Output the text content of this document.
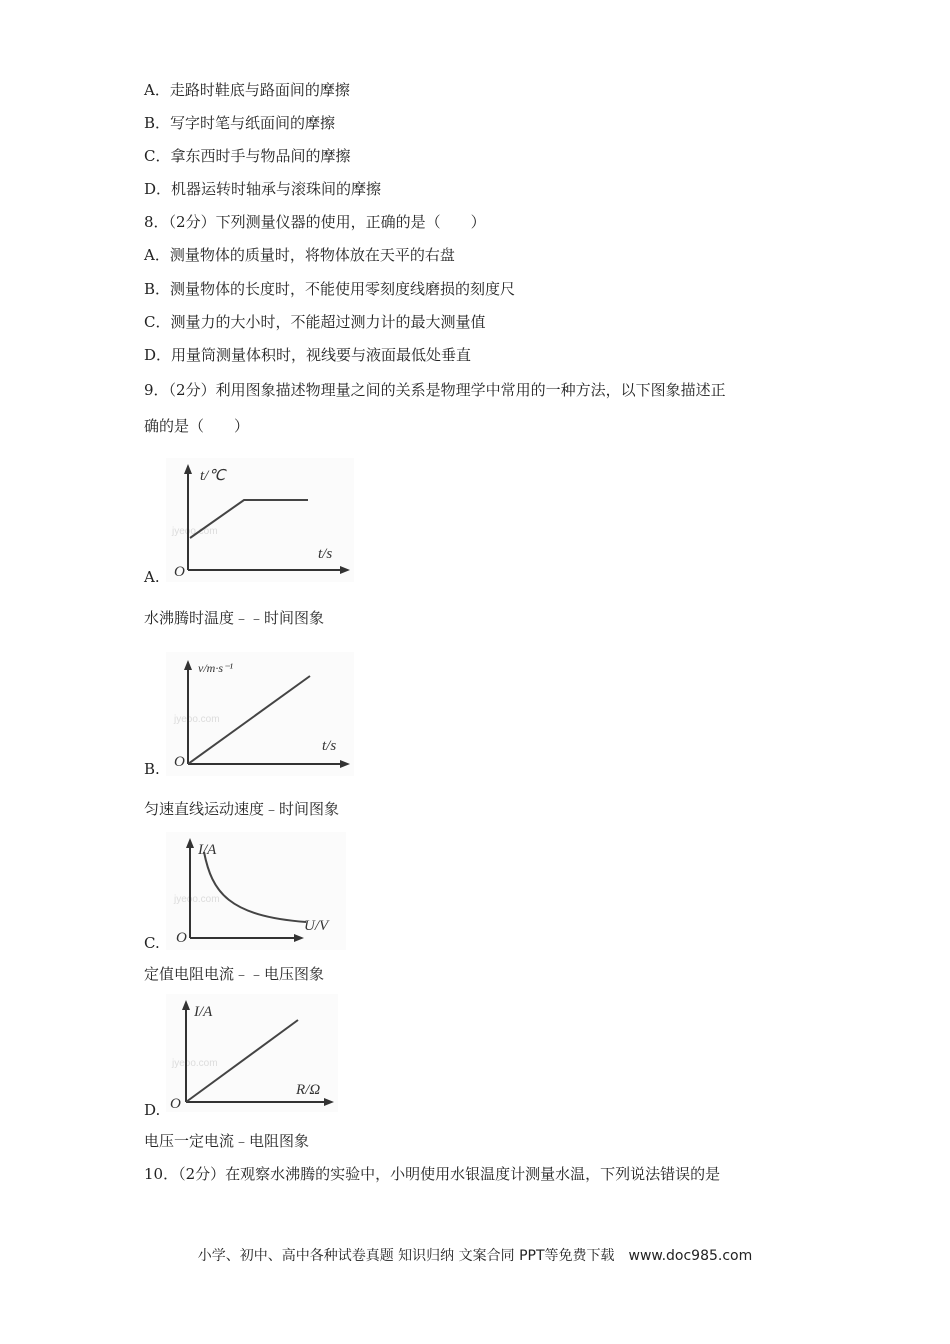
A．走路时鞋底与路面间的摩擦
B．写字时笔与纸面间的摩擦
C．拿东西时手与物品间的摩擦
D．机器运转时轴承与滚珠间的摩擦
8．（2分）下列测量仪器的使用，正确的是（　　）
A．测量物体的质量时，将物体放在天平的右盘
B．测量物体的长度时，不能使用零刻度线磨损的刻度尺
C．测量力的大小时，不能超过测力计的最大测量值
D．用量筒测量体积时，视线要与液面最低处垂直
9．（2分）利用图象描述物理量之间的关系是物理学中常用的一种方法，以下图象描述正
确的是（　　）
jyeoo.com
t/℃
t/s
O
A.
水沸腾时温度﹣﹣时间图象
jyeoo.com
v/m·s⁻¹
t/s
O
B.
匀速直线运动速度﹣时间图象
jyeoo.com
I/A
U/V
O
C.
定值电阻电流﹣﹣电压图象
jyeoo.com
I/A
R/Ω
O
D.
电压一定电流﹣电阻图象
10．（2分）在观察水沸腾的实验中，小明使用水银温度计测量水温，下列说法错误的是
小学、初中、高中各种试卷真题 知识归纳 文案合同 PPT等免费下载　www.doc985.com
